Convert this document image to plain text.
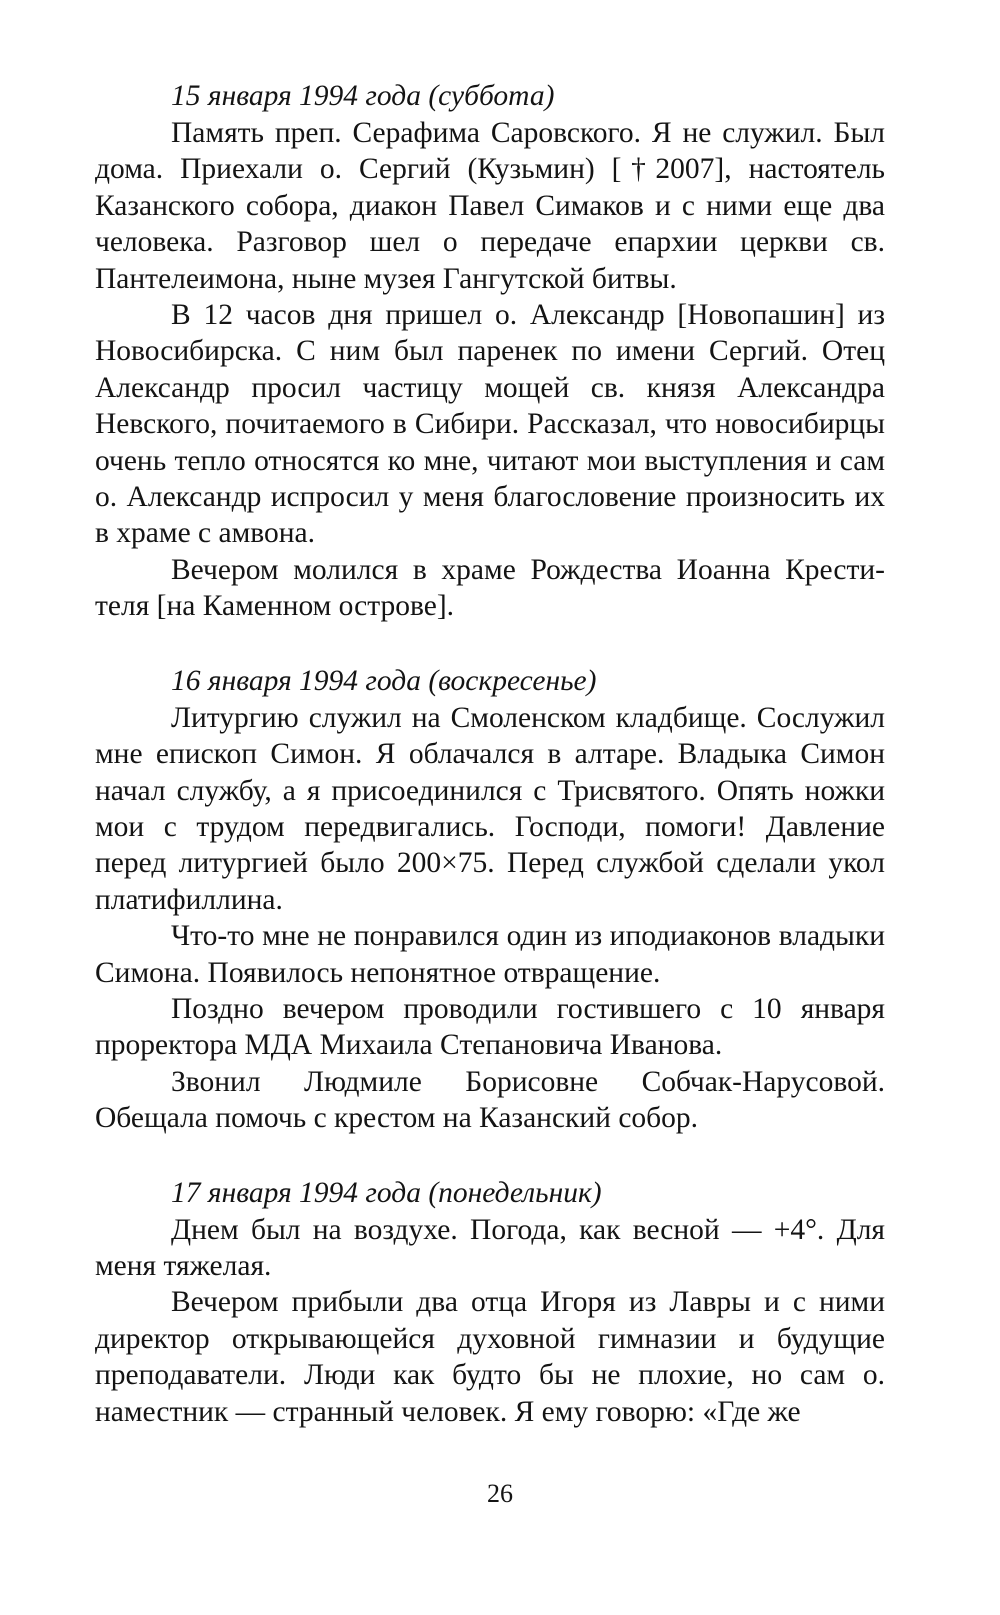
15 января 1994 года (суббота)

Память преп. Серафима Саровского. Я не служил. Был дома. Приехали о. Сергий (Кузьмин) [†2007], настоятель Казанского собора, диакон Павел Симаков и с ними еще два человека. Разговор шел о передаче епархии церкви св. Пантелеимона, ныне музея Гангутской битвы.

В 12 часов дня пришел о. Александр [Новопашин] из Новосибирска. С ним был паренек по имени Сергий. Отец Александр просил частицу мощей св. князя Александра Невского, почитаемого в Сибири. Рассказал, что новосибирцы очень тепло относятся ко мне, читают мои выступления и сам о. Александр испросил у меня благословение произносить их в храме с амвона.

Вечером молился в храме Рождества Иоанна Крестителя [на Каменном острове].

16 января 1994 года (воскресенье)

Литургию служил на Смоленском кладбище. Сослужил мне епископ Симон. Я облачался в алтаре. Владыка Симон начал службу, а я присоединился с Трисвятого. Опять ножки мои с трудом передвигались. Господи, помоги! Давление перед литургией было 200×75. Перед службой сделали укол платифиллина.

Что-то мне не понравился один из иподиаконов владыки Симона. Появилось непонятное отвращение.

Поздно вечером проводили гостившего с 10 января проректора МДА Михаила Степановича Иванова.

Звонил Людмиле Борисовне Собчак-Нарусовой. Обещала помочь с крестом на Казанский собор.

17 января 1994 года (понедельник)

Днем был на воздухе. Погода, как весной — +4°. Для меня тяжелая.

Вечером прибыли два отца Игоря из Лавры и с ними директор открывающейся духовной гимназии и будущие преподаватели. Люди как будто бы не плохие, но сам о. наместник — странный человек. Я ему говорю: «Где же

26
